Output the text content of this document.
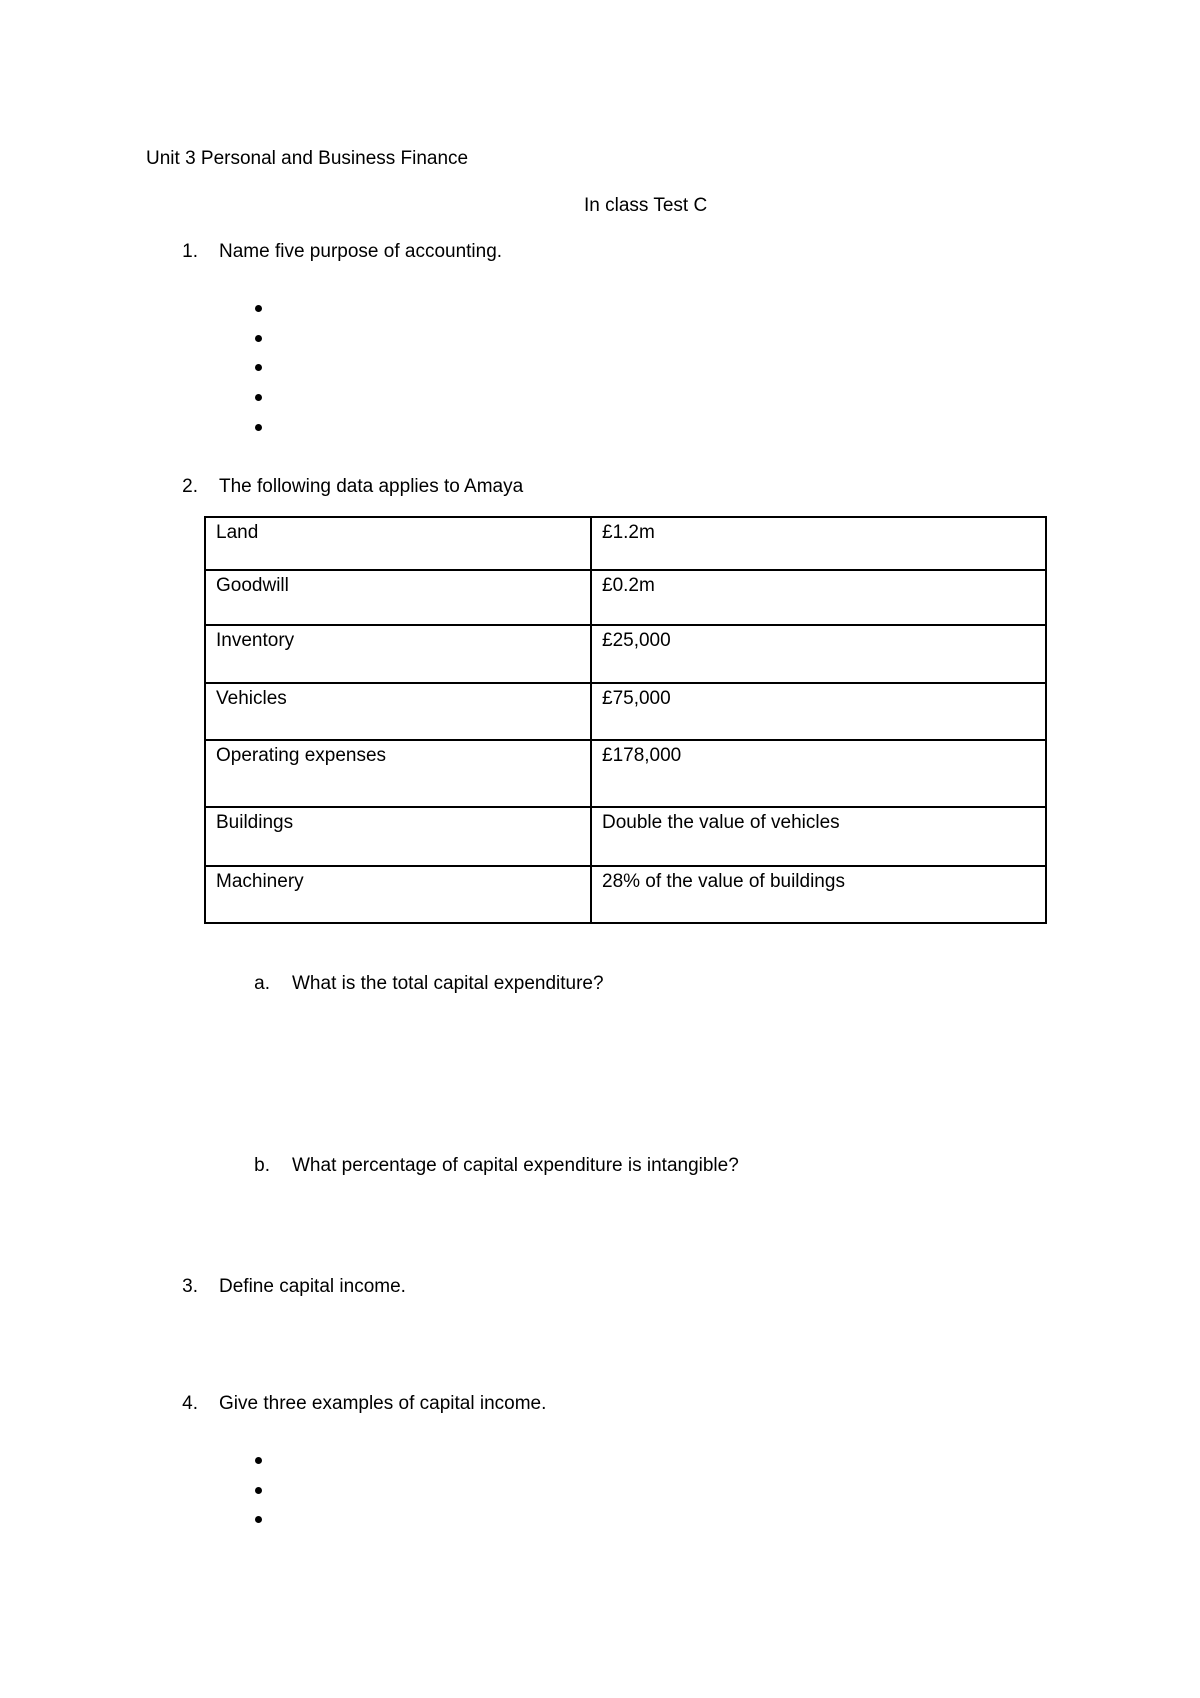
Unit 3 Personal and Business Finance
In class Test C
1. Name five purpose of accounting.
2. The following data applies to Amaya
Land	£1.2m
Goodwill	£0.2m
Inventory	£25,000
Vehicles	£75,000
Operating expenses	£178,000
Buildings	Double the value of vehicles
Machinery	28% of the value of buildings
a. What is the total capital expenditure?
b. What percentage of capital expenditure is intangible?
3. Define capital income.
4. Give three examples of capital income.
